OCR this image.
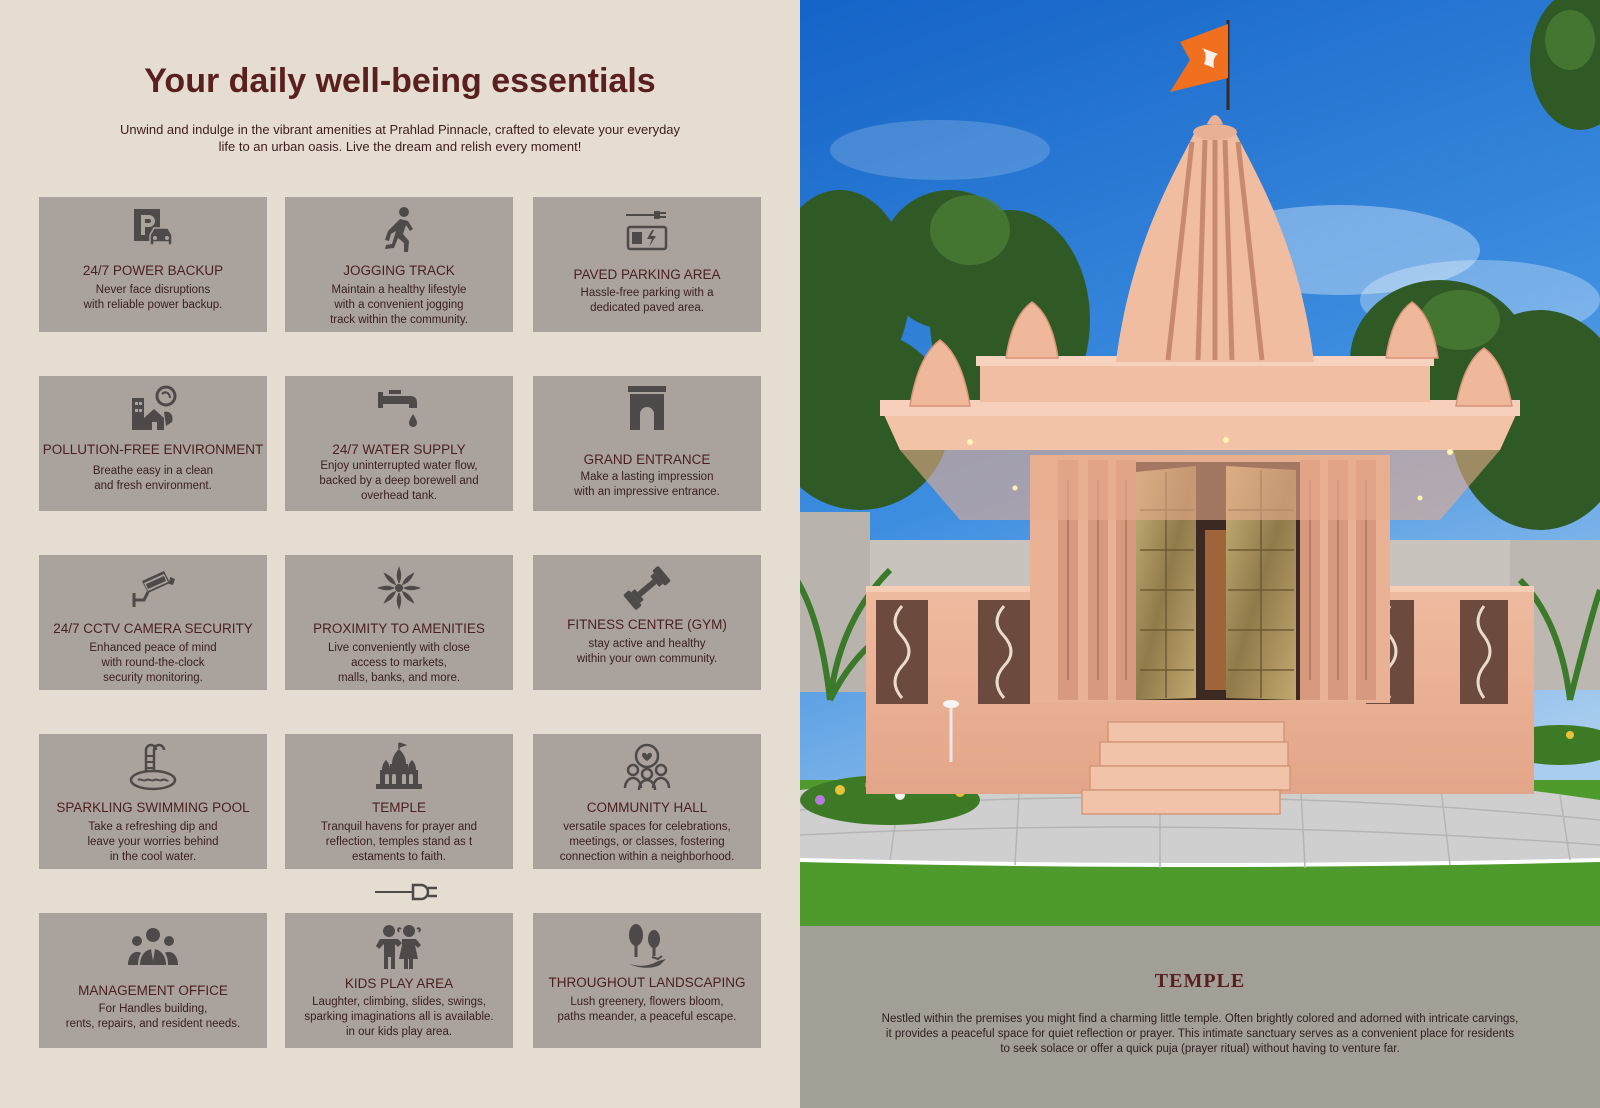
Your daily well-being essentials

Unwind and indulge in the vibrant amenities at Prahlad Pinnacle, crafted to elevate your everyday life to an urban oasis. Live the dream and relish every moment!

24/7 POWER BACKUP
Never face disruptions
with reliable power backup.
JOGGING TRACK
Maintain a healthy lifestyle
with a convenient jogging
track within the community.
PAVED PARKING AREA
Hassle-free parking with a
dedicated paved area.
POLLUTION-FREE ENVIRONMENT
Breathe easy in a clean
and fresh environment.
24/7 WATER SUPPLY
Enjoy uninterrupted water flow,
backed by a deep borewell and
overhead tank.
GRAND ENTRANCE
Make a lasting impression
with an impressive entrance.
24/7 CCTV CAMERA SECURITY
Enhanced peace of mind
with round-the-clock
security monitoring.
PROXIMITY TO AMENITIES
Live conveniently with close
access to markets,
malls, banks, and more.
FITNESS CENTRE (GYM)
stay active and healthy
within your own community.
SPARKLING SWIMMING POOL
Take a refreshing dip and
leave your worries behind
in the cool water.
TEMPLE
Tranquil havens for prayer and
reflection, temples stand as t
estaments to faith.
COMMUNITY HALL
versatile spaces for celebrations,
meetings, or classes, fostering
connection within a neighborhood.
MANAGEMENT OFFICE
For Handles building,
rents, repairs, and resident needs.
KIDS PLAY AREA
Laughter, climbing, slides, swings,
sparking imaginations all is available.
in our kids play area.
THROUGHOUT LANDSCAPING
Lush greenery, flowers bloom,
paths meander, a peaceful escape.
TEMPLE

Nestled within the premises you might find a charming little temple. Often brightly colored and adorned with intricate carvings, it provides a peaceful space for quiet reflection or prayer. This intimate sanctuary serves as a convenient place for residents to seek solace or offer a quick puja (prayer ritual) without having to venture far.
